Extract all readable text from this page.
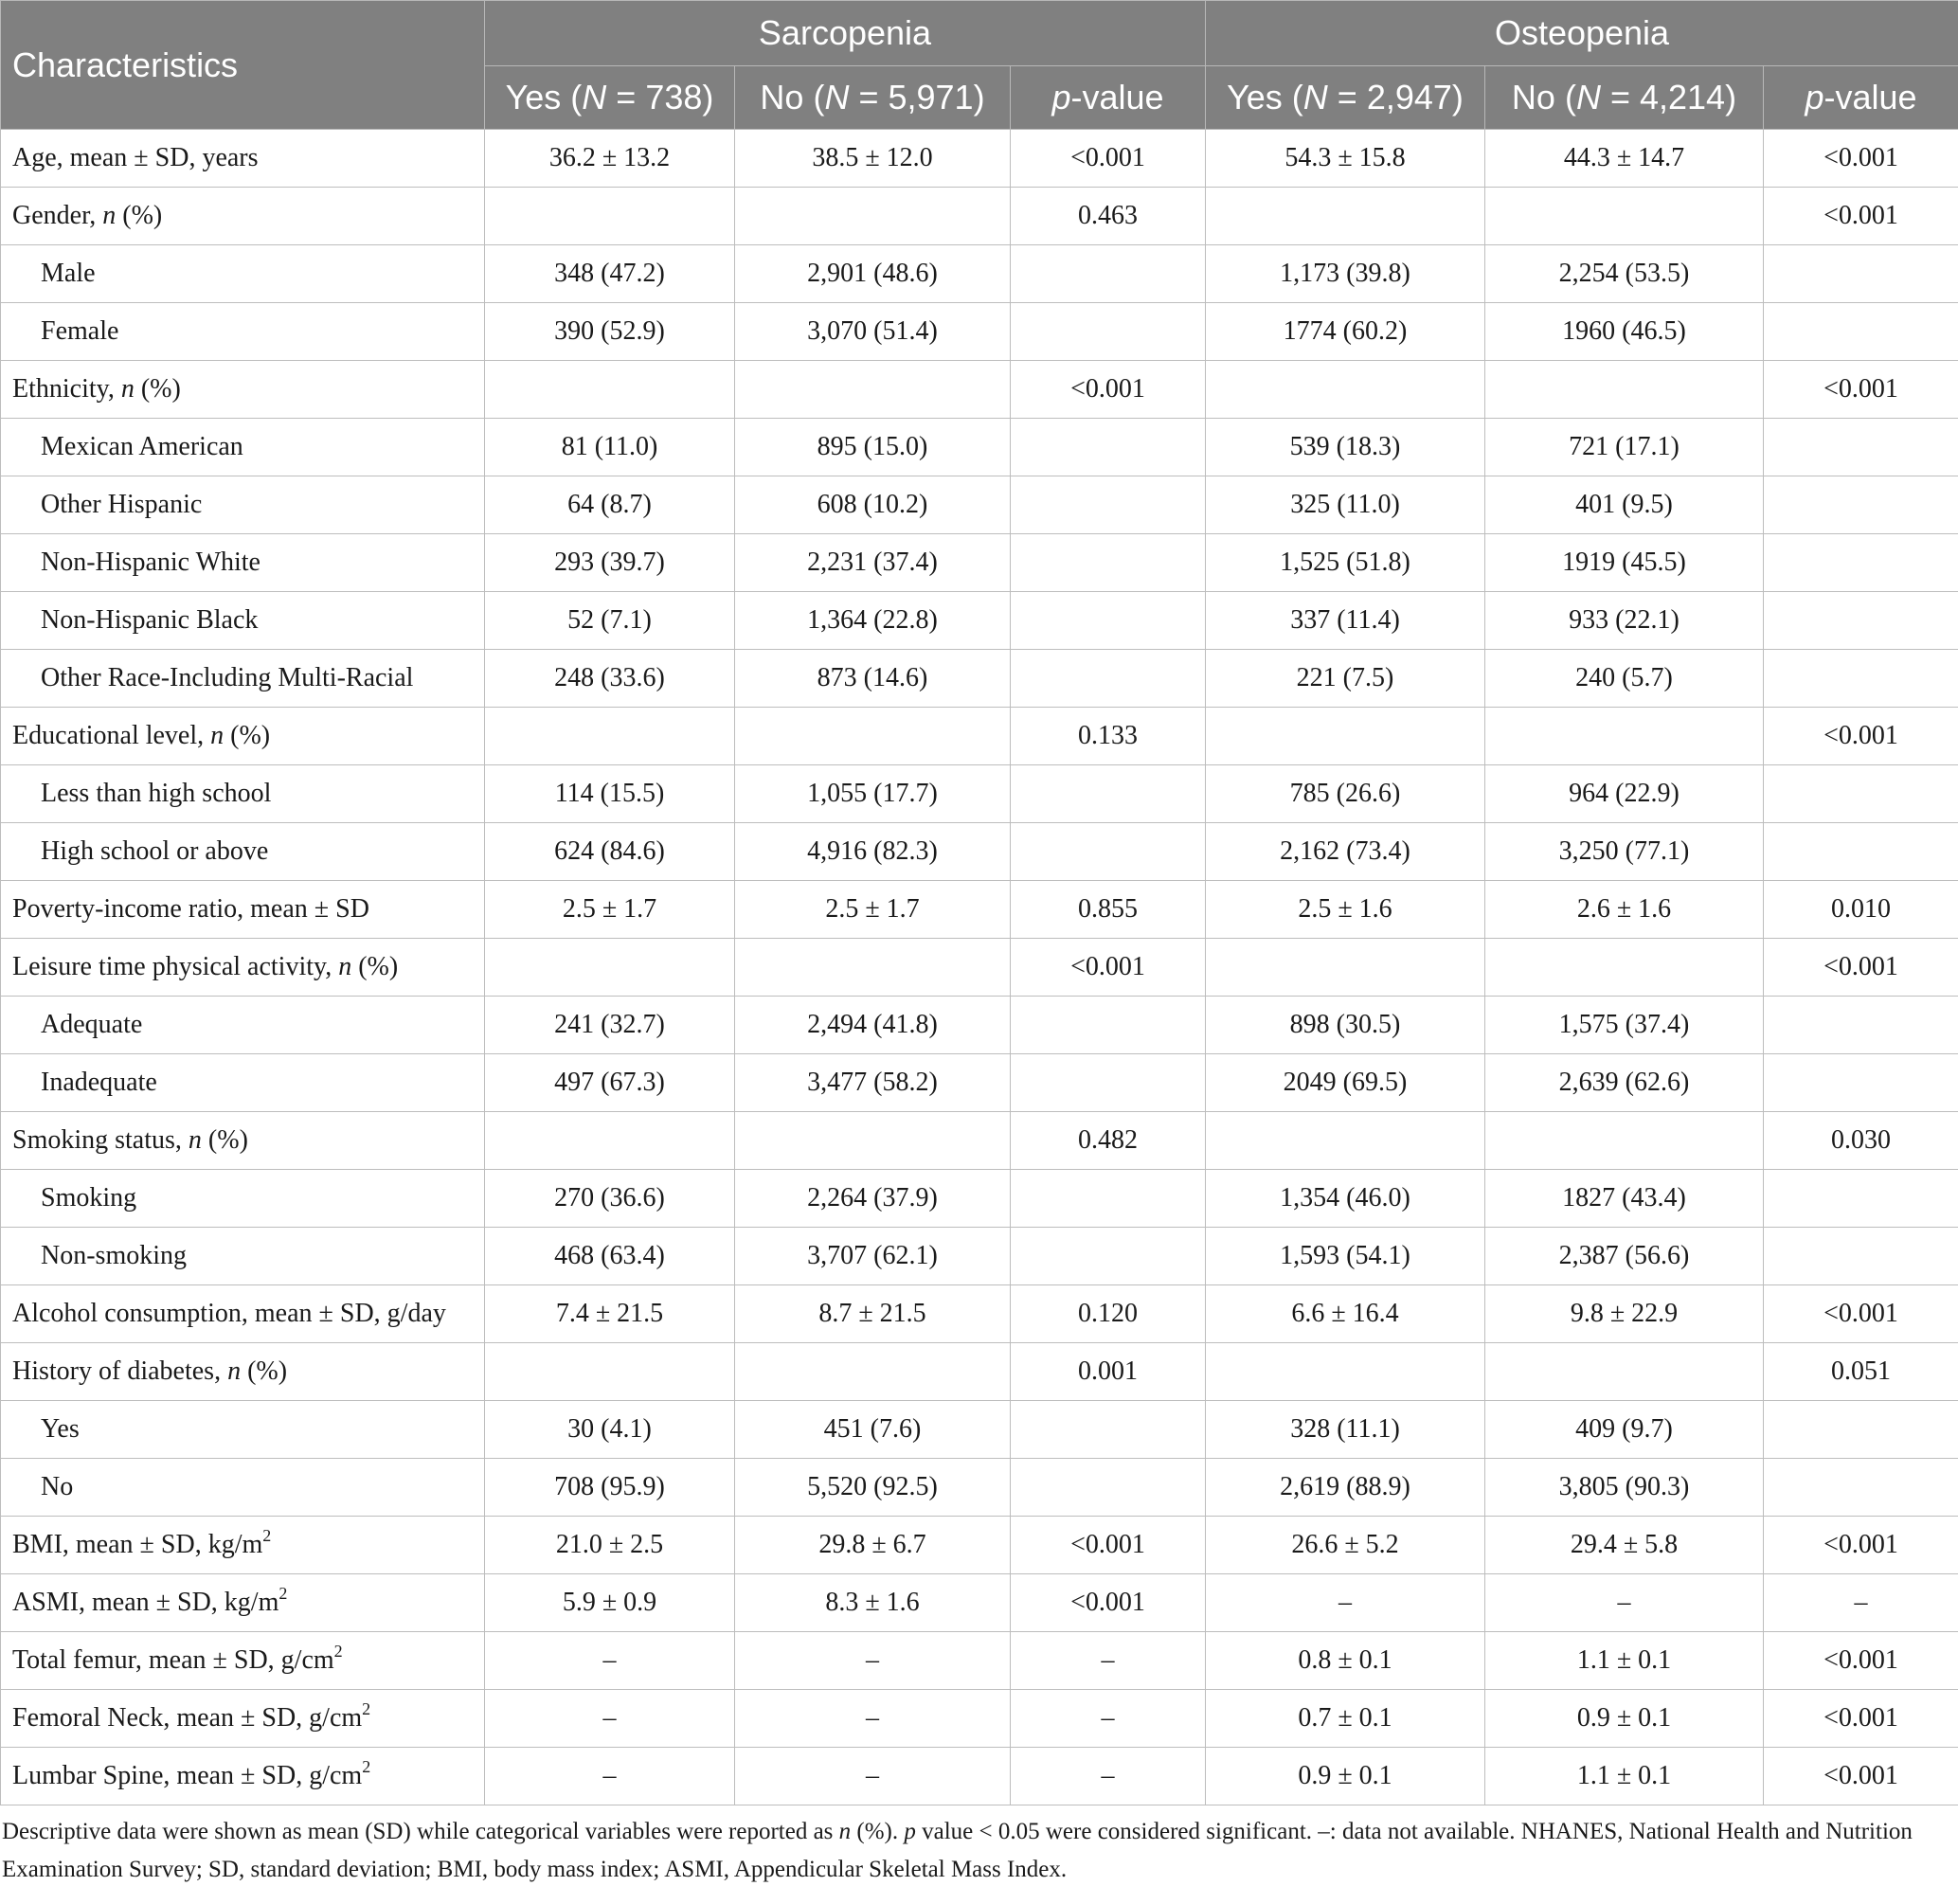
Characteristics	Sarcopenia			Osteopenia		
	Yes (N = 738)	No (N = 5,971)	p-value	Yes (N = 2,947)	No (N = 4,214)	p-value
Age, mean ± SD, years	36.2 ± 13.2	38.5 ± 12.0	<0.001	54.3 ± 15.8	44.3 ± 14.7	<0.001
Gender, n (%)			0.463			<0.001
Male	348 (47.2)	2,901 (48.6)		1,173 (39.8)	2,254 (53.5)	
Female	390 (52.9)	3,070 (51.4)		1774 (60.2)	1960 (46.5)	
Ethnicity, n (%)			<0.001			<0.001
Mexican American	81 (11.0)	895 (15.0)		539 (18.3)	721 (17.1)	
Other Hispanic	64 (8.7)	608 (10.2)		325 (11.0)	401 (9.5)	
Non-Hispanic White	293 (39.7)	2,231 (37.4)		1,525 (51.8)	1919 (45.5)	
Non-Hispanic Black	52 (7.1)	1,364 (22.8)		337 (11.4)	933 (22.1)	
Other Race-Including Multi-Racial	248 (33.6)	873 (14.6)		221 (7.5)	240 (5.7)	
Educational level, n (%)			0.133			<0.001
Less than high school	114 (15.5)	1,055 (17.7)		785 (26.6)	964 (22.9)	
High school or above	624 (84.6)	4,916 (82.3)		2,162 (73.4)	3,250 (77.1)	
Poverty-income ratio, mean ± SD	2.5 ± 1.7	2.5 ± 1.7	0.855	2.5 ± 1.6	2.6 ± 1.6	0.010
Leisure time physical activity, n (%)			<0.001			<0.001
Adequate	241 (32.7)	2,494 (41.8)		898 (30.5)	1,575 (37.4)	
Inadequate	497 (67.3)	3,477 (58.2)		2049 (69.5)	2,639 (62.6)	
Smoking status, n (%)			0.482			0.030
Smoking	270 (36.6)	2,264 (37.9)		1,354 (46.0)	1827 (43.4)	
Non-smoking	468 (63.4)	3,707 (62.1)		1,593 (54.1)	2,387 (56.6)	
Alcohol consumption, mean ± SD, g/day	7.4 ± 21.5	8.7 ± 21.5	0.120	6.6 ± 16.4	9.8 ± 22.9	<0.001
History of diabetes, n (%)			0.001			0.051
Yes	30 (4.1)	451 (7.6)		328 (11.1)	409 (9.7)	
No	708 (95.9)	5,520 (92.5)		2,619 (88.9)	3,805 (90.3)	
BMI, mean ± SD, $kg/m^2$	21.0 ± 2.5	29.8 ± 6.7	<0.001	26.6 ± 5.2	29.4 ± 5.8	<0.001
ASMI, mean ± SD, $kg/m^2$	5.9 ± 0.9	8.3 ± 1.6	<0.001	–	–	–
Total femur, mean ± SD, $g/cm^2$	–	–	–	0.8 ± 0.1	1.1 ± 0.1	<0.001
Femoral Neck, mean ± SD, $g/cm^2$	–	–	–	0.7 ± 0.1	0.9 ± 0.1	<0.001
Lumbar Spine, mean ± SD, $g/cm^2$	–	–	–	0.9 ± 0.1	1.1 ± 0.1	<0.001

Descriptive data were shown as mean (SD) while categorical variables were reported as n (%). p value < 0.05 were considered significant. –: data not available. NHANES, National Health and Nutrition Examination Survey; SD, standard deviation; BMI, body mass index; ASMI, Appendicular Skeletal Mass Index.
